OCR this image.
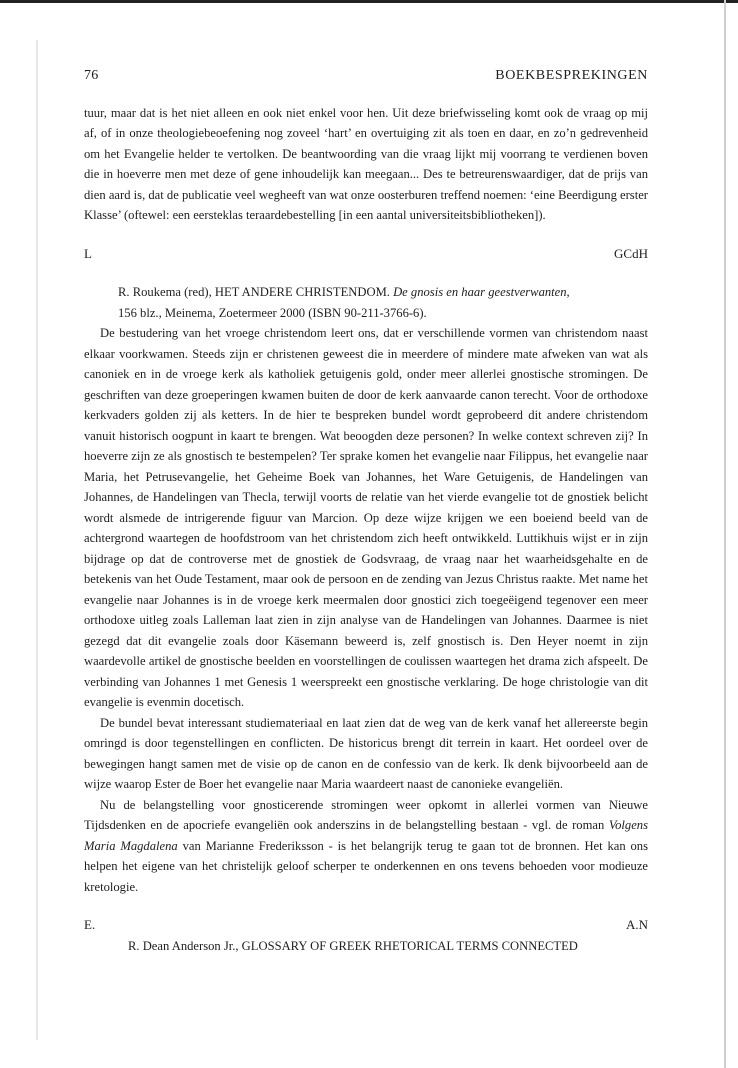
76	BOEKBESPREKINGEN

tuur, maar dat is het niet alleen en ook niet enkel voor hen. Uit deze briefwisseling komt ook de vraag op mij af, of in onze theologiebeoefening nog zoveel ‘hart’ en overtuiging zit als toen en daar, en zo’n gedrevenheid om het Evangelie helder te vertolken. De beantwoording van die vraag lijkt mij voorrang te verdienen boven die in hoeverre men met deze of gene inhoudelijk kan meegaan... Des te betreurenswaardiger, dat de prijs van dien aard is, dat de publicatie veel wegheeft van wat onze oosterburen treffend noemen: ‘eine Beerdigung erster Klasse’ (oftewel: een eersteklas teraardebestelling [in een aantal universiteitsbibliotheken]).

L	GCdH

R. Roukema (red), HET ANDERE CHRISTENDOM. De gnosis en haar geestverwanten,
156 blz., Meinema, Zoetermeer 2000 (ISBN 90-211-3766-6).

De bestudering van het vroege christendom leert ons, dat er verschillende vormen van christendom naast elkaar voorkwamen. Steeds zijn er christenen geweest die in meerdere of mindere mate afweken van wat als canoniek en in de vroege kerk als katholiek getuigenis gold, onder meer allerlei gnostische stromingen. De geschriften van deze groeperingen kwamen buiten de door de kerk aanvaarde canon terecht. Voor de orthodoxe kerkvaders golden zij als ketters. In de hier te bespreken bundel wordt geprobeerd dit andere christendom vanuit historisch oogpunt in kaart te brengen. Wat beoogden deze personen? In welke context schreven zij? In hoeverre zijn ze als gnostisch te bestempelen? Ter sprake komen het evangelie naar Filippus, het evangelie naar Maria, het Petrusevangelie, het Geheime Boek van Johannes, het Ware Getuigenis, de Handelingen van Johannes, de Handelingen van Thecla, terwijl voorts de relatie van het vierde evangelie tot de gnostiek belicht wordt alsmede de intrigerende figuur van Marcion. Op deze wijze krijgen we een boeiend beeld van de achtergrond waartegen de hoofdstroom van het christendom zich heeft ontwikkeld. Luttikhuis wijst er in zijn bijdrage op dat de controverse met de gnostiek de Godsvraag, de vraag naar het waarheidsgehalte en de betekenis van het Oude Testament, maar ook de persoon en de zending van Jezus Christus raakte. Met name het evangelie naar Johannes is in de vroege kerk meermalen door gnostici zich toegeëigend tegenover een meer orthodoxe uitleg zoals Lalleman laat zien in zijn analyse van de Handelingen van Johannes. Daarmee is niet gezegd dat dit evangelie zoals door Käsemann beweerd is, zelf gnostisch is. Den Heyer noemt in zijn waardevolle artikel de gnostische beelden en voorstellingen de coulissen waartegen het drama zich afspeelt. De verbinding van Johannes 1 met Genesis 1 weerspreekt een gnostische verklaring. De hoge christologie van dit evangelie is evenmin docetisch.

De bundel bevat interessant studiemateriaal en laat zien dat de weg van de kerk vanaf het allereerste begin omringd is door tegenstellingen en conflicten. De historicus brengt dit terrein in kaart. Het oordeel over de bewegingen hangt samen met de visie op de canon en de confessio van de kerk. Ik denk bijvoorbeeld aan de wijze waarop Ester de Boer het evangelie naar Maria waardeert naast de canonieke evangeliën.

Nu de belangstelling voor gnosticerende stromingen weer opkomt in allerlei vormen van Nieuwe Tijdsdenken en de apocriefe evangeliën ook anderszins in de belangstelling bestaan - vgl. de roman Volgens Maria Magdalena van Marianne Frederiksson - is het belangrijk terug te gaan tot de bronnen. Het kan ons helpen het eigene van het christelijk geloof scherper te onderkennen en ons tevens behoeden voor modieuze kretologie.

E.	A.N

R. Dean Anderson Jr., GLOSSARY OF GREEK RHETORICAL TERMS CONNECTED
